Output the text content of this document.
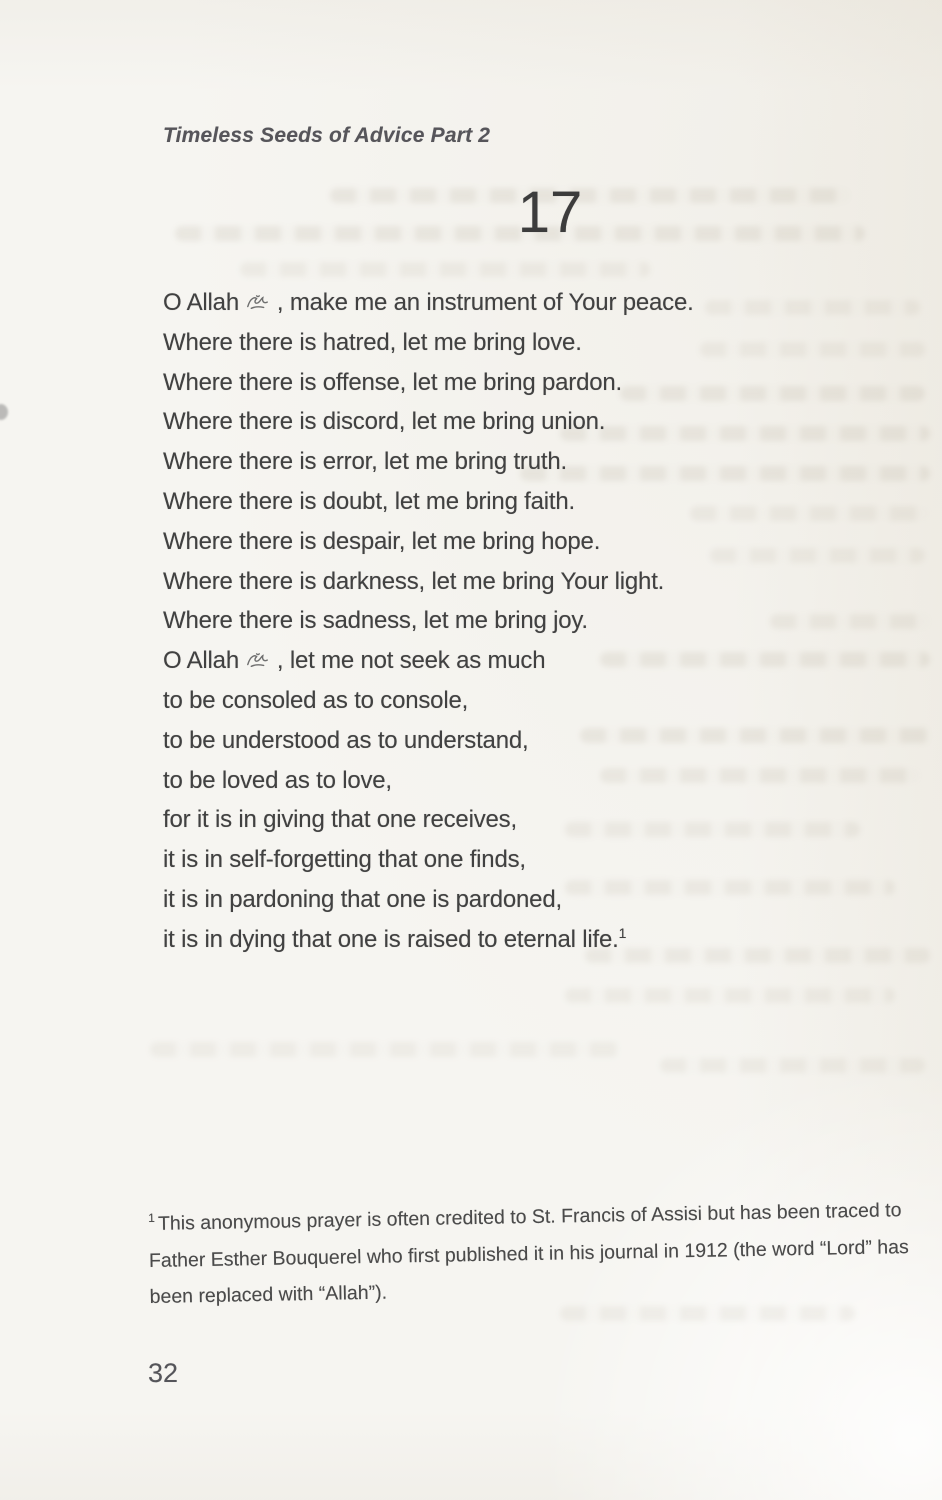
Timeless Seeds of Advice Part 2
17
O Allah  , make me an instrument of Your peace.
Where there is hatred, let me bring love.
Where there is offense, let me bring pardon.
Where there is discord, let me bring union.
Where there is error, let me bring truth.
Where there is doubt, let me bring faith.
Where there is despair, let me bring hope.
Where there is darkness, let me bring Your light.
Where there is sadness, let me bring joy.
O Allah  , let me not seek as much
to be consoled as to console,
to be understood as to understand,
to be loved as to love,
for it is in giving that one receives,
it is in self-forgetting that one finds,
it is in pardoning that one is pardoned,
it is in dying that one is raised to eternal life.$^1$
$^1$ This anonymous prayer is often credited to St. Francis of Assisi but has been traced to Father Esther Bouquerel who first published it in his journal in 1912 (the word “Lord” has been replaced with “Allah”).
32
